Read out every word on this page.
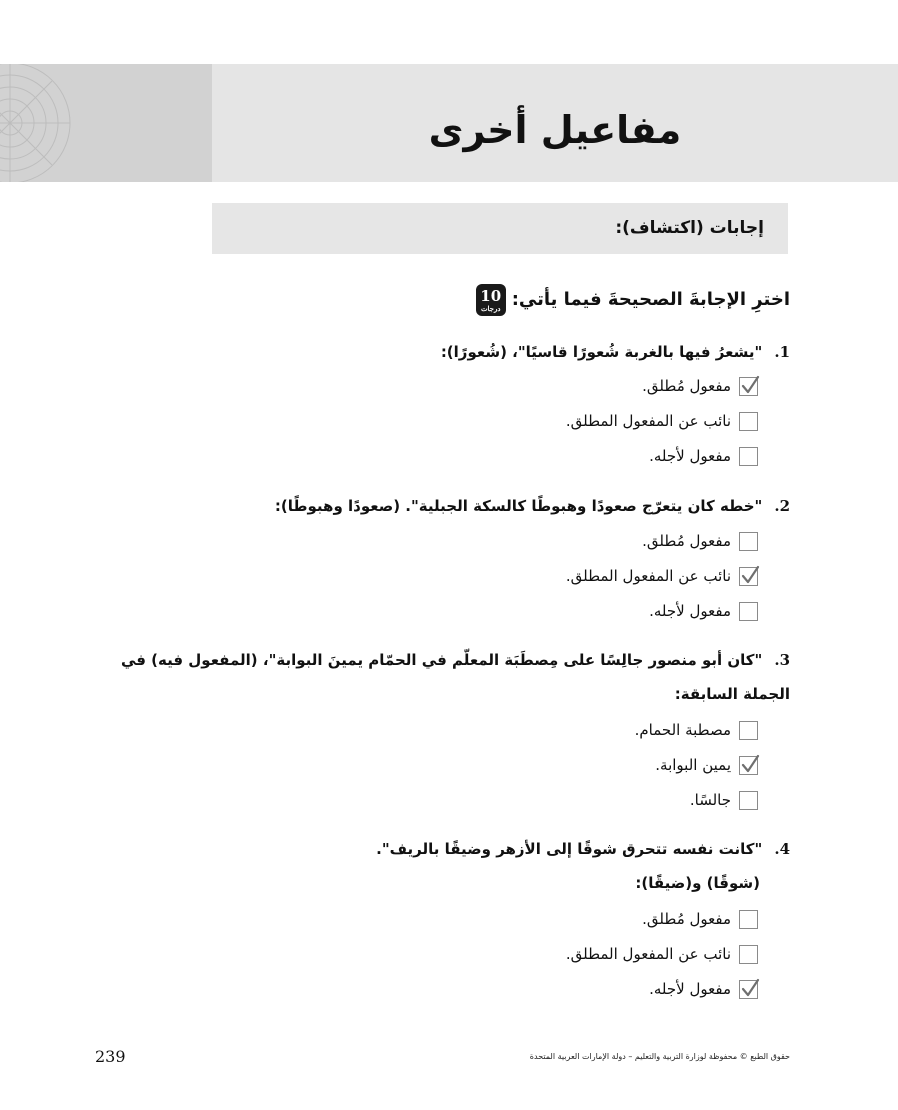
مفاعيل أخرى
إجابات (اكتشاف):
اخترِ الإجابةَ الصحيحةَ فيما يأتي:
10
درجات
1."يشعرُ فيها بالغربة شُعورًا قاسيًا"، (شُعورًا):
مفعول مُطلق.
نائب عن المفعول المطلق.
مفعول لأجله.
2."خطه كان يتعرّج صعودًا وهبوطًا كالسكة الجبلية". (صعودًا وهبوطًا):
مفعول مُطلق.
نائب عن المفعول المطلق.
مفعول لأجله.
3."كان أبو منصور جالِسًا على مِصطَبَة المعلّم في الحمّام يمينَ البوابة"، (المفعول فيه) في
الجملة السابقة:
مصطبة الحمام.
يمين البوابة.
جالسًا.
4."كانت نفسه تتحرق شوقًا إلى الأزهر وضيقًا بالريف".
(شوقًا) و(ضيقًا):
مفعول مُطلق.
نائب عن المفعول المطلق.
مفعول لأجله.
239	حقوق الطبع © محفوظة لوزارة التربية والتعليم – دولة الإمارات العربية المتحدة
